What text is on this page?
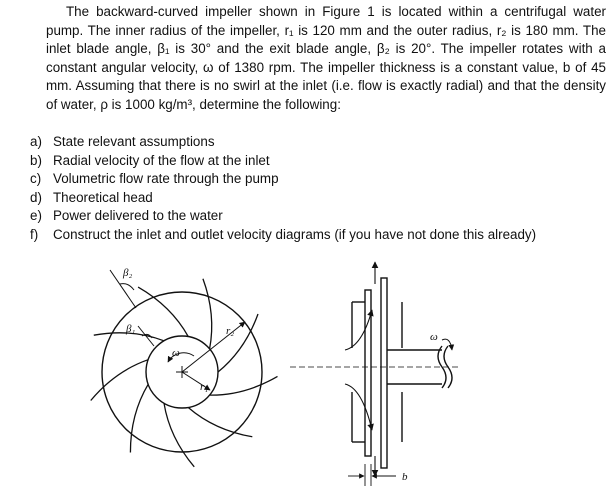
The backward-curved impeller shown in Figure 1 is located within a centrifugal water
pump. The inner radius of the impeller, r₁ is 120 mm and the outer radius, r₂ is 180 mm. The
inlet blade angle, β₁ is 30° and the exit blade angle, β₂ is 20°. The impeller rotates with a
constant angular velocity, ω of 1380 rpm. The impeller thickness is a constant value, b of 45
mm. Assuming that there is no swirl at the inlet (i.e. flow is exactly radial) and that the density
of water, ρ is 1000 kg/m³, determine the following:

a) State relevant assumptions
b) Radial velocity of the flow at the inlet
c) Volumetric flow rate through the pump
d) Theoretical head
e) Power delivered to the water
f)	Construct the inlet and outlet velocity diagrams (if you have not done this already)
β₂
β₁	r₂
r₁
ω
ω
b
